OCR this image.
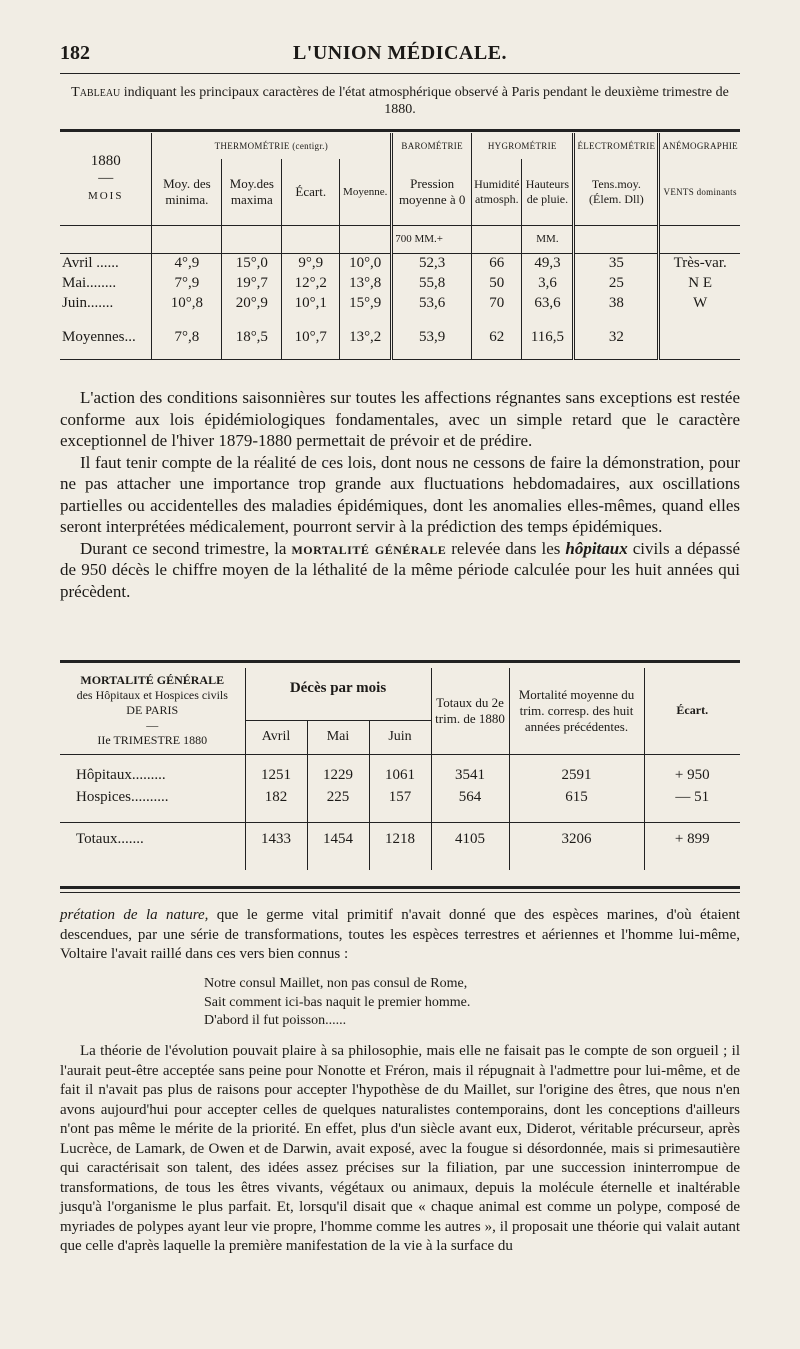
182	L'UNION MÉDICALE.
Tableau indiquant les principaux caractères de l'état atmosphérique observé à Paris pendant le deuxième trimestre de 1880.
1880
—
MOIS	THERMOMÉTRIE (centigr.)				BAROMÉTRIE	HYGROMÉTRIE		ÉLECTROMÉTRIE	ANÉMOGRAPHIE
	Moy. des minima.	Moy.des maxima	Écart.	Moyenne.	Pression moyenne à 0	Humidité atmosph.	Hauteurs de pluie.	Tens.moy. (Élem. Dll)	VENTS dominants
					700 MM.+		MM.		
Avril ......	4°,9	15°,0	9°,9	10°,0	52,3	66	49,3	35	Très-var.
Mai........	7°,9	19°,7	12°,2	13°,8	55,8	50	3,6	25	N E
Juin.......	10°,8	20°,9	10°,1	15°,9	53,6	70	63,6	38	W

Moyennes...	7°,8	18°,5	10°,7	13°,2	53,9	62	116,5	32	

L'action des conditions saisonnières sur toutes les affections régnantes sans exceptions est restée conforme aux lois épidémiologiques fondamentales, avec un simple retard que le caractère exceptionnel de l'hiver 1879-1880 permettait de prévoir et de prédire.

Il faut tenir compte de la réalité de ces lois, dont nous ne cessons de faire la démonstration, pour ne pas attacher une importance trop grande aux fluctuations hebdomadaires, aux oscillations partielles ou accidentelles des maladies épidémiques, dont les anomalies elles-mêmes, quand elles seront interprétées médicalement, pourront servir à la prédiction des temps épidémiques.

Durant ce second trimestre, la mortalité générale relevée dans les hôpitaux civils a dépassé de 950 décès le chiffre moyen de la léthalité de la même période calculée pour les huit années qui précèdent.

MORTALITÉ GÉNÉRALE
des Hôpitaux et Hospices civils
DE PARIS
—
IIe TRIMESTRE 1880	Décès par mois			Totaux du 2e trim. de 1880	Mortalité moyenne du trim. corresp. des huit années précédentes.	Écart.
	Avril	Mai	Juin			

Hôpitaux.........	1251	1229	1061	3541	2591	+ 950
Hospices..........	182	225	157	564	615	— 51

Totaux.......	1433	1454	1218	4105	3206	+ 899

prétation de la nature, que le germe vital primitif n'avait donné que des espèces marines, d'où étaient descendues, par une série de transformations, toutes les espèces terrestres et aériennes et l'homme lui-même, Voltaire l'avait raillé dans ces vers bien connus :

Notre consul Maillet, non pas consul de Rome,
Sait comment ici-bas naquit le premier homme.
D'abord il fut poisson......

La théorie de l'évolution pouvait plaire à sa philosophie, mais elle ne faisait pas le compte de son orgueil ; il l'aurait peut-être acceptée sans peine pour Nonotte et Fréron, mais il répugnait à l'admettre pour lui-même, et de fait il n'avait pas plus de raisons pour accepter l'hypothèse de du Maillet, sur l'origine des êtres, que nous n'en avons aujourd'hui pour accepter celles de quelques naturalistes contemporains, dont les conceptions d'ailleurs n'ont pas même le mérite de la priorité. En effet, plus d'un siècle avant eux, Diderot, véritable précurseur, après Lucrèce, de Lamark, de Owen et de Darwin, avait exposé, avec la fougue si désordonnée, mais si primesautière qui caractérisait son talent, des idées assez précises sur la filiation, par une succession ininterrompue de transformations, de tous les êtres vivants, végétaux ou animaux, depuis la molécule éternelle et inaltérable jusqu'à l'organisme le plus parfait. Et, lorsqu'il disait que « chaque animal est comme un polype, composé de myriades de polypes ayant leur vie propre, l'homme comme les autres », il proposait une théorie qui valait autant que celle d'après laquelle la première manifestation de la vie à la surface du
